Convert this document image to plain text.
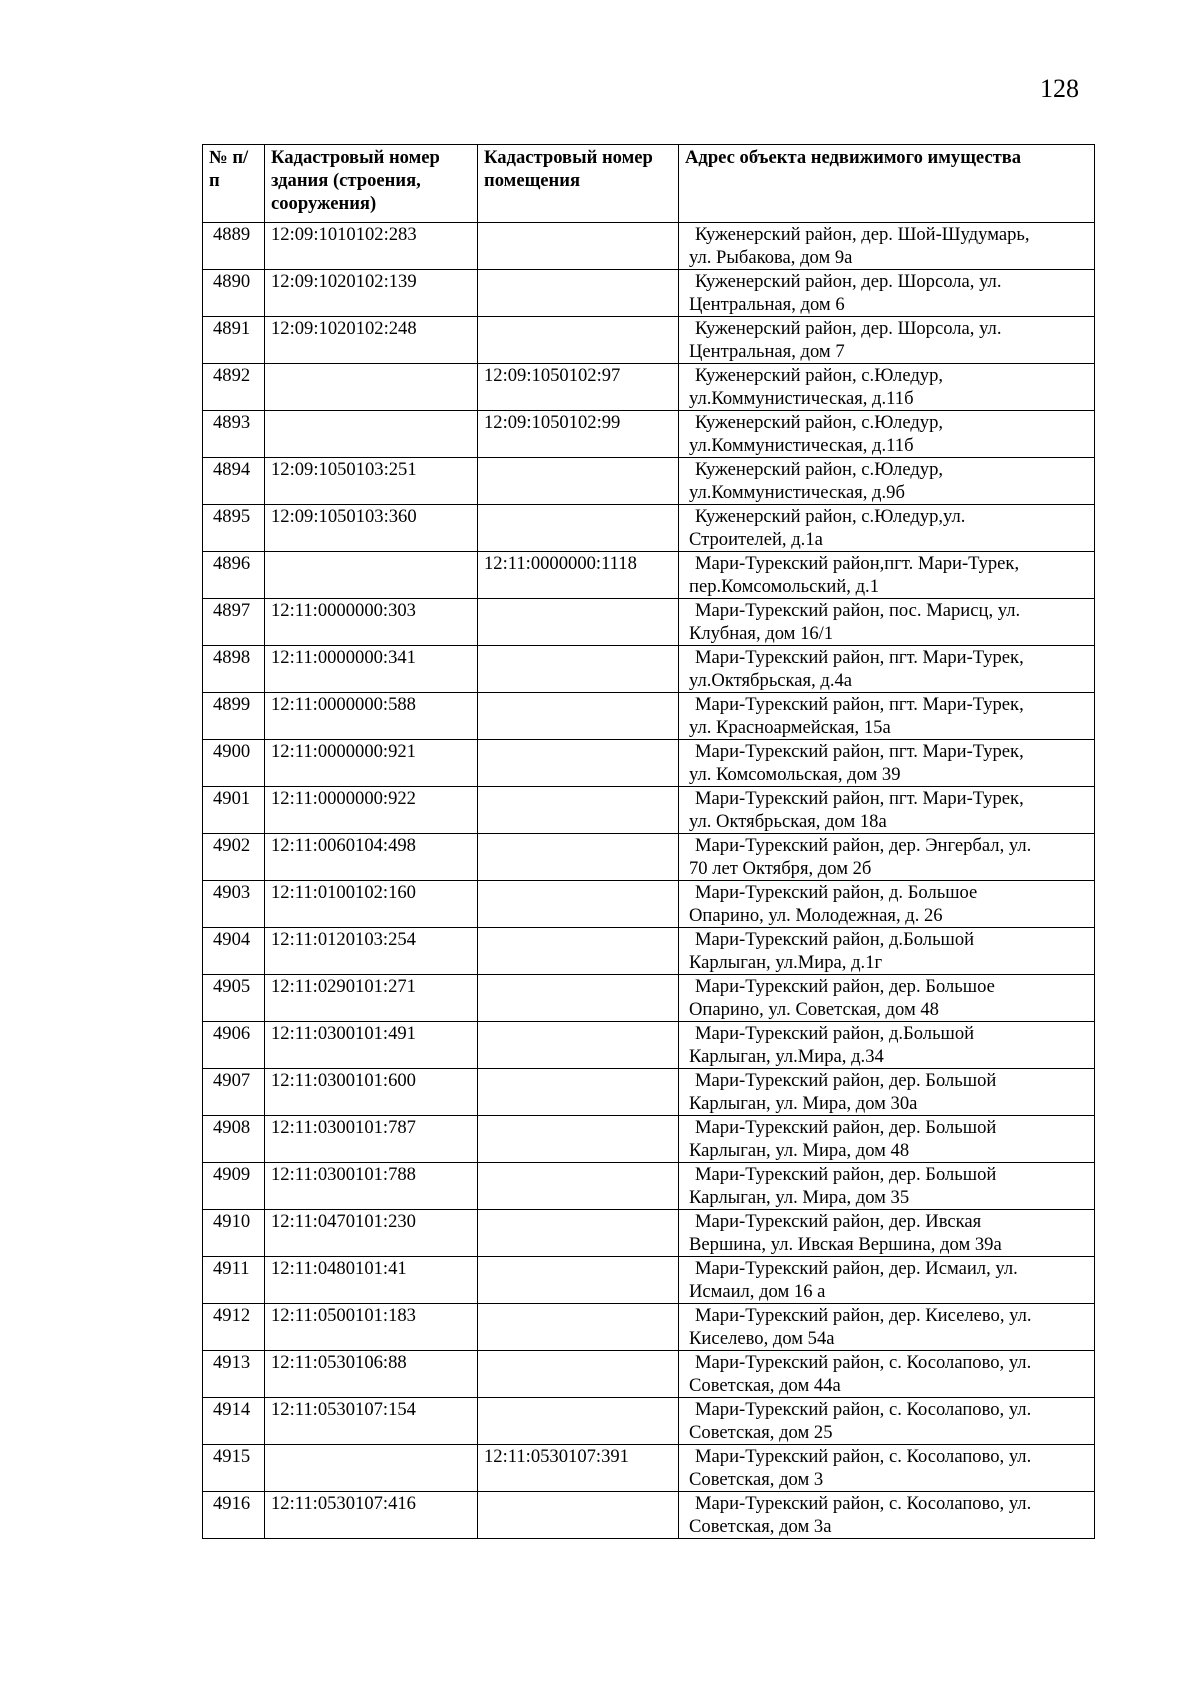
128
№ п/п	Кадастровый номер здания (строения, сооружения)	Кадастровый номер помещения	Адрес объекта недвижимого имущества
4889	12:09:1010102:283		Куженерский район, дер. Шой-Шудумарь,
ул. Рыбакова, дом 9а

4890	12:09:1020102:139		Куженерский район, дер. Шорсола, ул.
Центральная, дом 6

4891	12:09:1020102:248		Куженерский район, дер. Шорсола, ул.
Центральная, дом 7

4892		12:09:1050102:97	Куженерский район, с.Юледур,
ул.Коммунистическая, д.11б

4893		12:09:1050102:99	Куженерский район, с.Юледур,
ул.Коммунистическая, д.11б

4894	12:09:1050103:251		Куженерский район, с.Юледур,
ул.Коммунистическая, д.9б

4895	12:09:1050103:360		Куженерский район, с.Юледур,ул.
Строителей, д.1а

4896		12:11:0000000:1118	Мари-Турекский район,пгт. Мари-Турек,
пер.Комсомольский, д.1

4897	12:11:0000000:303		Мари-Турекский район, пос. Марисц, ул.
Клубная, дом 16/1

4898	12:11:0000000:341		Мари-Турекский район, пгт. Мари-Турек,
ул.Октябрьская, д.4а

4899	12:11:0000000:588		Мари-Турекский район, пгт. Мари-Турек,
ул. Красноармейская, 15а

4900	12:11:0000000:921		Мари-Турекский район, пгт. Мари-Турек,
ул. Комсомольская, дом 39

4901	12:11:0000000:922		Мари-Турекский район, пгт. Мари-Турек,
ул. Октябрьская, дом 18а

4902	12:11:0060104:498		Мари-Турекский район, дер. Энгербал, ул.
70 лет Октября, дом 2б

4903	12:11:0100102:160		Мари-Турекский район, д. Большое
Опарино, ул. Молодежная, д. 26

4904	12:11:0120103:254		Мари-Турекский район, д.Большой
Карлыган, ул.Мира, д.1г

4905	12:11:0290101:271		Мари-Турекский район, дер. Большое
Опарино, ул. Советская, дом 48

4906	12:11:0300101:491		Мари-Турекский район, д.Большой
Карлыган, ул.Мира, д.34

4907	12:11:0300101:600		Мари-Турекский район, дер. Большой
Карлыган, ул. Мира, дом 30а

4908	12:11:0300101:787		Мари-Турекский район, дер. Большой
Карлыган, ул. Мира, дом 48

4909	12:11:0300101:788		Мари-Турекский район, дер. Большой
Карлыган, ул. Мира, дом 35

4910	12:11:0470101:230		Мари-Турекский район, дер. Ивская
Вершина, ул. Ивская Вершина, дом 39а

4911	12:11:0480101:41		Мари-Турекский район, дер. Исмаил, ул.
Исмаил, дом 16 а

4912	12:11:0500101:183		Мари-Турекский район, дер. Киселево, ул.
Киселево, дом 54а

4913	12:11:0530106:88		Мари-Турекский район, с. Косолапово, ул.
Советская, дом 44а

4914	12:11:0530107:154		Мари-Турекский район, с. Косолапово, ул.
Советская, дом 25

4915		12:11:0530107:391	Мари-Турекский район, с. Косолапово, ул.
Советская, дом 3

4916	12:11:0530107:416		Мари-Турекский район, с. Косолапово, ул.
Советская, дом 3а
